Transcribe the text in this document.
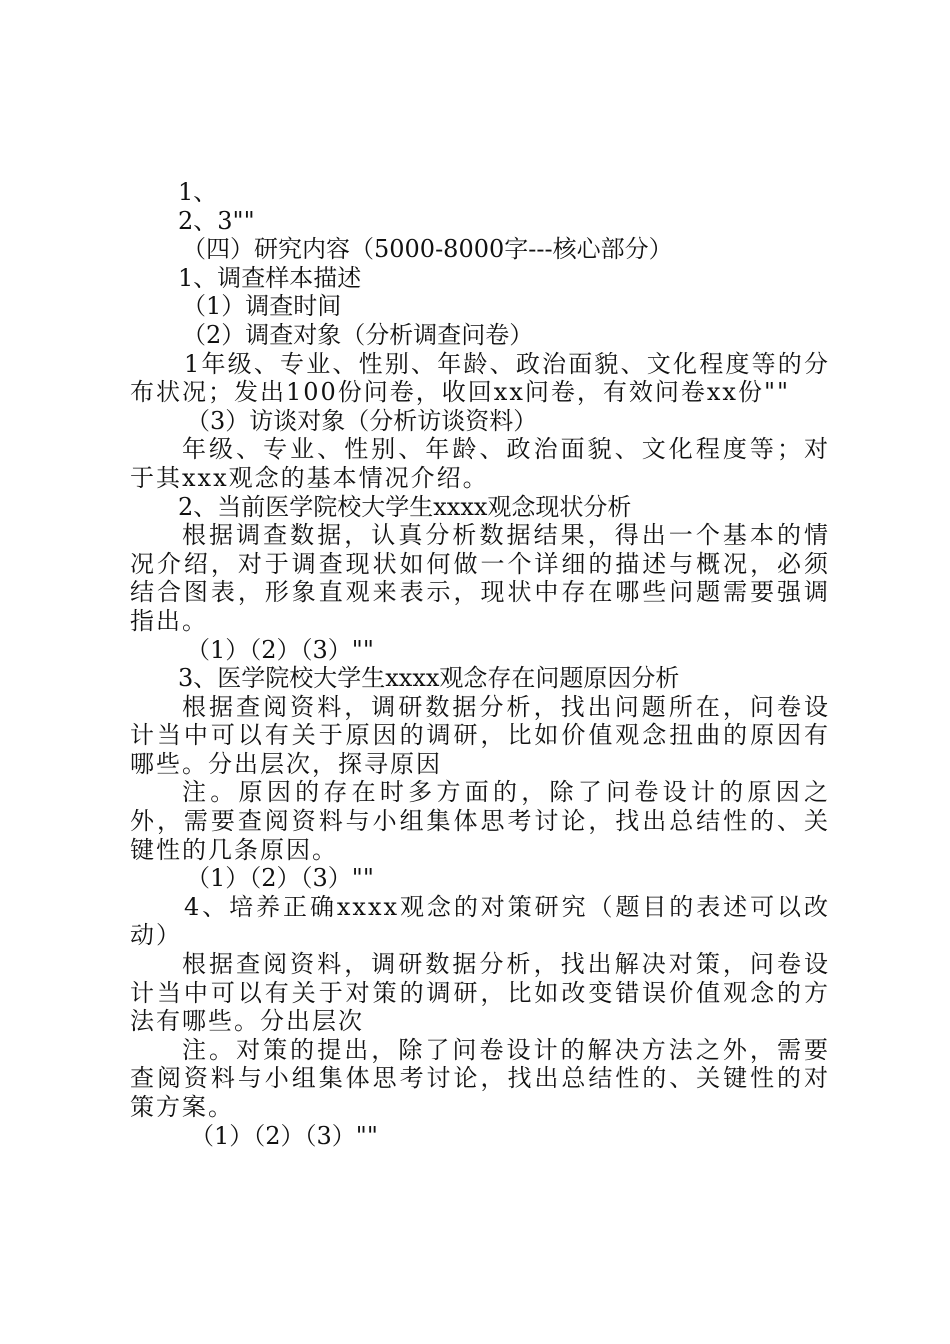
1、
2、3""
（四）研究内容（5000-8000字---核心部分）
1、调查样本描述
（1）调查时间
（2）调查对象（分析调查问卷）
1年级、专业、性别、年龄、政治面貌、文化程度等的分布状况；发出100份问卷，收回xx问卷，有效问卷xx份""
（3）访谈对象（分析访谈资料）
年级、专业、性别、年龄、政治面貌、文化程度等；对于其xxx观念的基本情况介绍。
2、当前医学院校大学生xxxx观念现状分析
根据调查数据，认真分析数据结果，得出一个基本的情况介绍，对于调查现状如何做一个详细的描述与概况，必须结合图表，形象直观来表示，现状中存在哪些问题需要强调指出。
（1）（2）（3）""
3、医学院校大学生xxxx观念存在问题原因分析
根据查阅资料，调研数据分析，找出问题所在，问卷设计当中可以有关于原因的调研，比如价值观念扭曲的原因有哪些。分出层次，探寻原因
注。原因的存在时多方面的，除了问卷设计的原因之外，需要查阅资料与小组集体思考讨论，找出总结性的、关键性的几条原因。
（1）（2）（3）""
4、培养正确xxxx观念的对策研究（题目的表述可以改动）
根据查阅资料，调研数据分析，找出解决对策，问卷设计当中可以有关于对策的调研，比如改变错误价值观念的方法有哪些。分出层次
注。对策的提出，除了问卷设计的解决方法之外，需要查阅资料与小组集体思考讨论，找出总结性的、关键性的对策方案。
（1）（2）（3）""
